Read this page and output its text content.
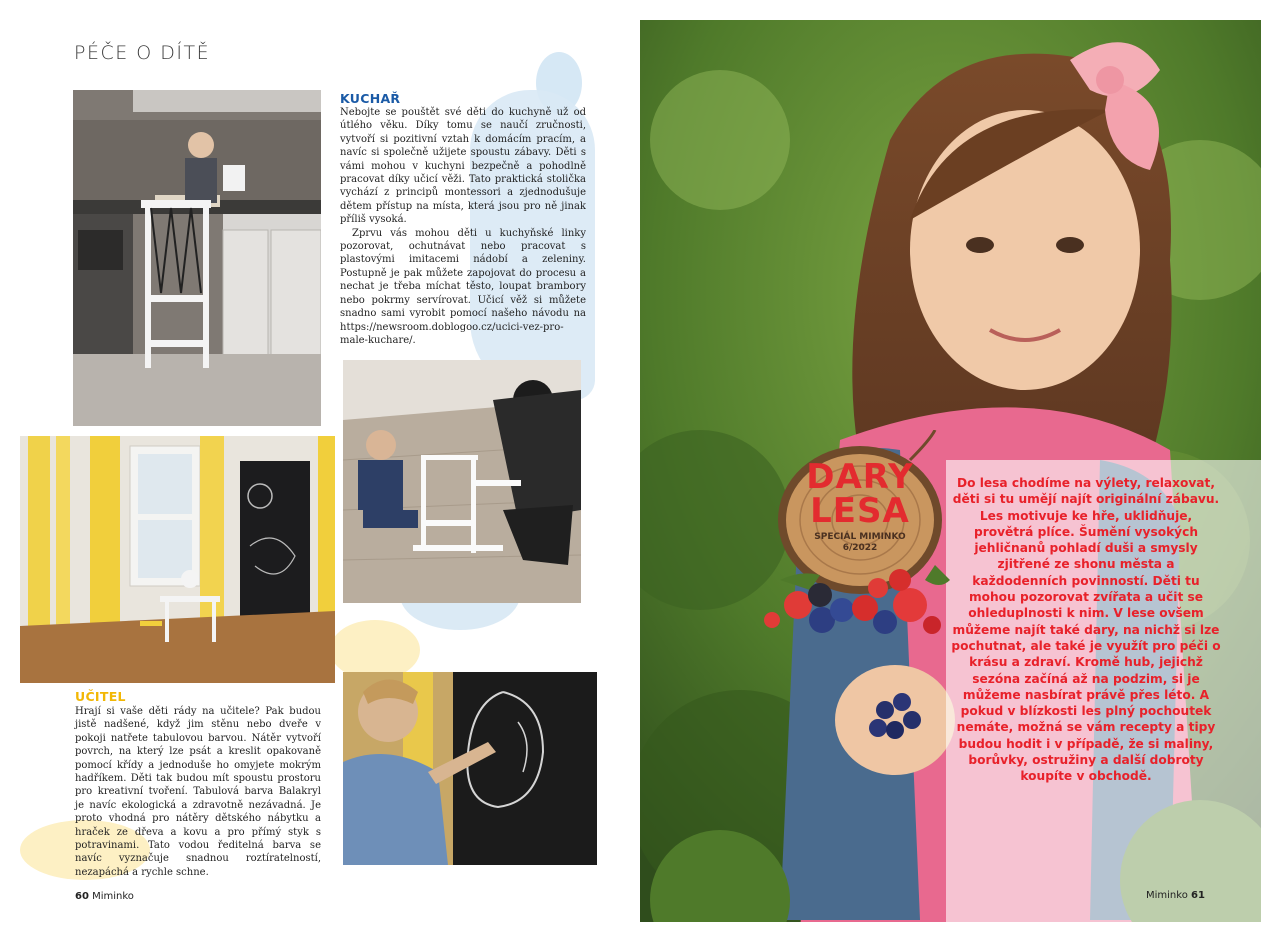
PÉČE O DÍTĚ
KUCHAŘ

Nebojte se pouštět své děti do kuchyně už od útlého věku. Díky tomu se naučí zručnosti, vytvoří si pozitivní vztah k domácím pracím, a navíc si společně užijete spoustu zábavy. Děti s vámi mohou v kuchyni bezpečně a pohodlně pracovat díky učicí věži. Tato praktická stolička vychází z principů montessori a zjednodušuje dětem přístup na místa, která jsou pro ně jinak příliš vysoká.

Zprvu vás mohou děti u kuchyňské linky pozorovat, ochutnávat nebo pracovat s plastovými imitacemi nádobí a zeleniny. Postupně je pak můžete zapojovat do procesu a nechat je třeba míchat těsto, loupat brambory nebo pokrmy servírovat. Učicí věž si můžete snadno sami vyrobit pomocí našeho návodu na https://newsroom.doblogoo.cz/ucici-vez-pro-male-kuchare/.

UČITEL

Hrají si vaše děti rády na učitele? Pak budou jistě nadšené, když jim stěnu nebo dveře v pokoji natřete tabulovou barvou. Nátěr vytvoří povrch, na který lze psát a kreslit opakovaně pomocí křídy a jednoduše ho omyjete mokrým hadříkem. Děti tak budou mít spoustu prostoru pro kreativní tvoření. Tabulová barva Balakryl je navíc ekologická a zdravotně nezávadná. Je proto vhodná pro nátěry dětského nábytku a hraček ze dřeva a kovu a pro přímý styk s potravinami. Tato vodou ředitelná barva se navíc vyznačuje snadnou roztíratelností, nezapáchá a rychle schne.

60 Miminko
DARY
LESA
SPECIÁL MIMINKO
6/2022
Do lesa chodíme na výlety, relaxovat, děti si tu umějí najít originální zábavu. Les motivuje ke hře, uklidňuje, provětrá plíce. Šumění vysokých jehličnanů pohladí duši a smysly zjitřené ze shonu města a každodenních povinností. Děti tu mohou pozorovat zvířata a učit se ohleduplnosti k nim. V lese ovšem můžeme najít také dary, na nichž si lze pochutnat, ale také je využít pro péči o krásu a zdraví. Kromě hub, jejichž sezóna začíná až na podzim, si je můžeme nasbírat právě přes léto. A pokud v blízkosti les plný pochoutek nemáte, možná se vám recepty a tipy budou hodit i v případě, že si maliny, borůvky, ostružiny a další dobroty koupíte v obchodě.
Miminko 61
